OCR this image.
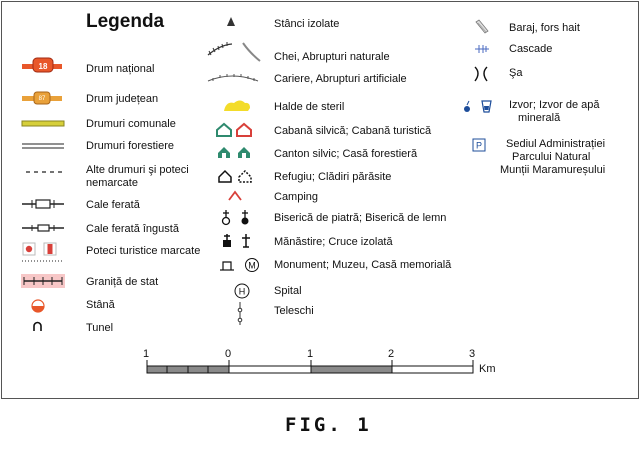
Legenda
18
87
M
H
P
Drum național
Drum județean
Drumuri comunale
Drumuri forestiere
Alte drumuri şi poteci
nemarcate
Cale ferată
Cale ferată îngustă
Poteci turistice marcate
Graniță de stat
Stână
Tunel
Stânci izolate
Chei, Abrupturi naturale
Cariere, Abrupturi artificiale
Halde de steril
Cabană silvică; Cabană turistică
Canton silvic; Casă forestieră
Refugiu; Clădiri părăsite
Camping
Biserică de piatră; Biserică de lemn
Mănăstire; Cruce izolată
Monument; Muzeu, Casă memorială
Spital
Teleschi
Baraj, fors hait
Cascade
Şa
Izvor; Izvor de apă
minerală
Sediul Administrației
Parcului Natural
Munții Maramureșului
1	0	1	2	3
Km
FIG. 1
